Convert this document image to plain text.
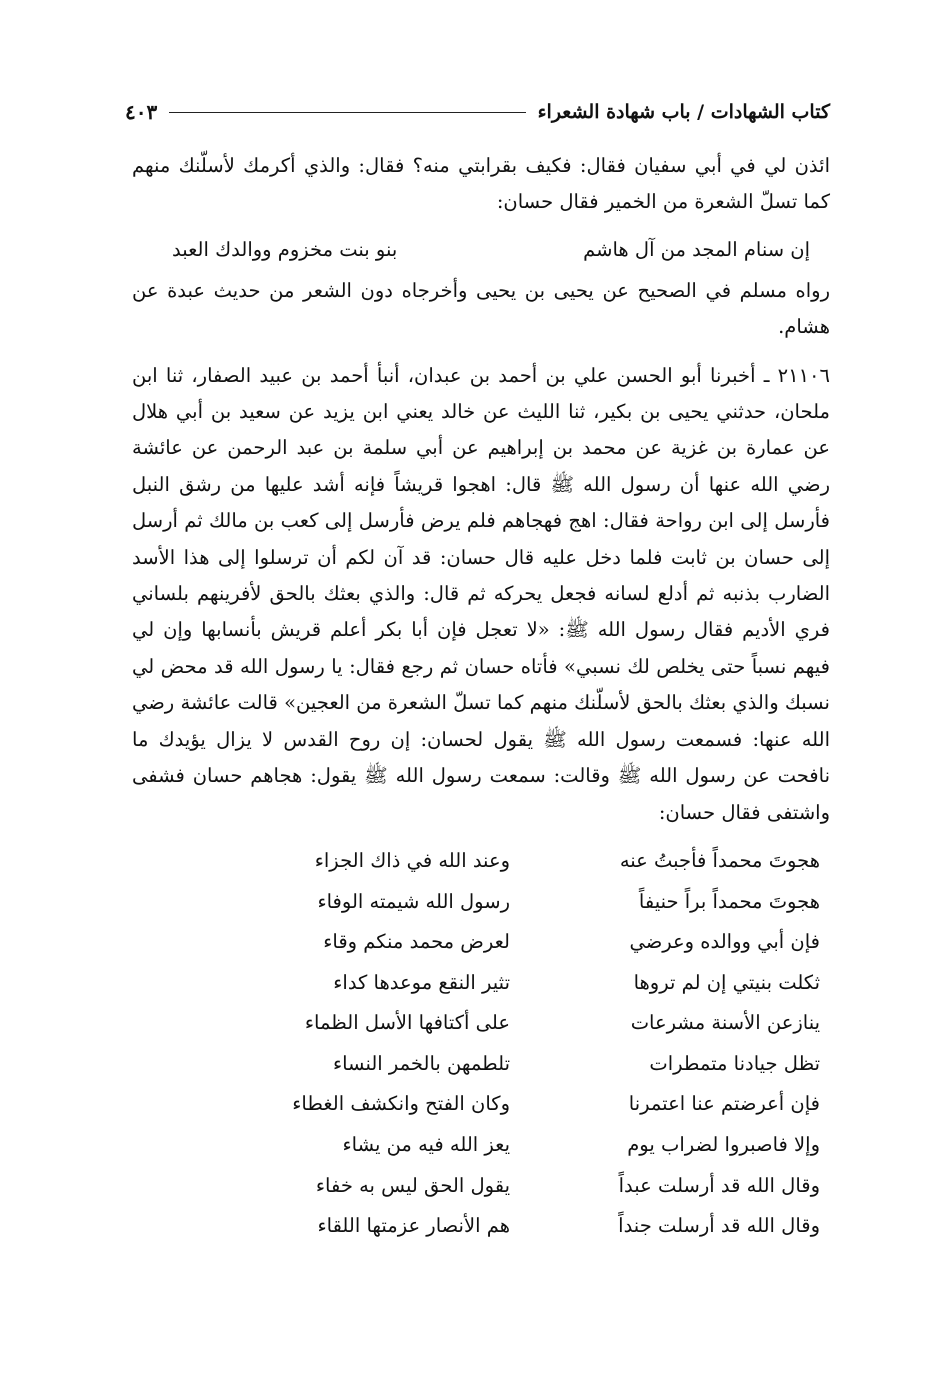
كتاب الشهادات / باب شهادة الشعراء
٤٠٣

ائذن لي في أبي سفيان فقال: فكيف بقرابتي منه؟ فقال: والذي أكرمك لأسلّنك منهم كما تسلّ الشعرة من الخمير فقال حسان:

إن سنام المجد من آل هاشم
بنو بنت مخزوم ووالدك العبد

رواه مسلم في الصحيح عن يحيى بن يحيى وأخرجاه دون الشعر من حديث عبدة عن هشام.

٢١١٠٦ ـ أخبرنا أبو الحسن علي بن أحمد بن عبدان، أنبأ أحمد بن عبيد الصفار، ثنا ابن ملحان، حدثني يحيى بن بكير، ثنا الليث عن خالد يعني ابن يزيد عن سعيد بن أبي هلال عن عمارة بن غزية عن محمد بن إبراهيم عن أبي سلمة بن عبد الرحمن عن عائشة رضي الله عنها أن رسول الله ﷺ قال: اهجوا قريشاً فإنه أشد عليها من رشق النبل فأرسل إلى ابن رواحة فقال: اهج فهجاهم فلم يرض فأرسل إلى كعب بن مالك ثم أرسل إلى حسان بن ثابت فلما دخل عليه قال حسان: قد آن لكم أن ترسلوا إلى هذا الأسد الضارب بذنبه ثم أدلع لسانه فجعل يحركه ثم قال: والذي بعثك بالحق لأفرينهم بلساني فري الأديم فقال رسول الله ﷺ: «لا تعجل فإن أبا بكر أعلم قريش بأنسابها وإن لي فيهم نسباً حتى يخلص لك نسبي» فأتاه حسان ثم رجع فقال: يا رسول الله قد محض لي نسبك والذي بعثك بالحق لأسلّنك منهم كما تسلّ الشعرة من العجين» قالت عائشة رضي الله عنها: فسمعت رسول الله ﷺ يقول لحسان: إن روح القدس لا يزال يؤيدك ما نافحت عن رسول الله ﷺ وقالت: سمعت رسول الله ﷺ يقول: هجاهم حسان فشفى واشتفى فقال حسان:

هجوتَ محمداً فأجبتُ عنه
وعند الله في ذاك الجزاء
هجوتَ محمداً براً حنيفاً
رسول الله شيمته الوفاء
فإن أبي ووالده وعرضي
لعرض محمد منكم وقاء
ثكلت بنيتي إن لم تروها
تثير النقع موعدها كداء
ينازعن الأسنة مشرعات
على أكتافها الأسل الظماء
تظل جيادنا متمطرات
تلطمهن بالخمر النساء
فإن أعرضتم عنا اعتمرنا
وكان الفتح وانكشف الغطاء
وإلا فاصبروا لضراب يوم
يعز الله فيه من يشاء
وقال الله قد أرسلت عبداً
يقول الحق ليس به خفاء
وقال الله قد أرسلت جنداً
هم الأنصار عزمتها اللقاء
